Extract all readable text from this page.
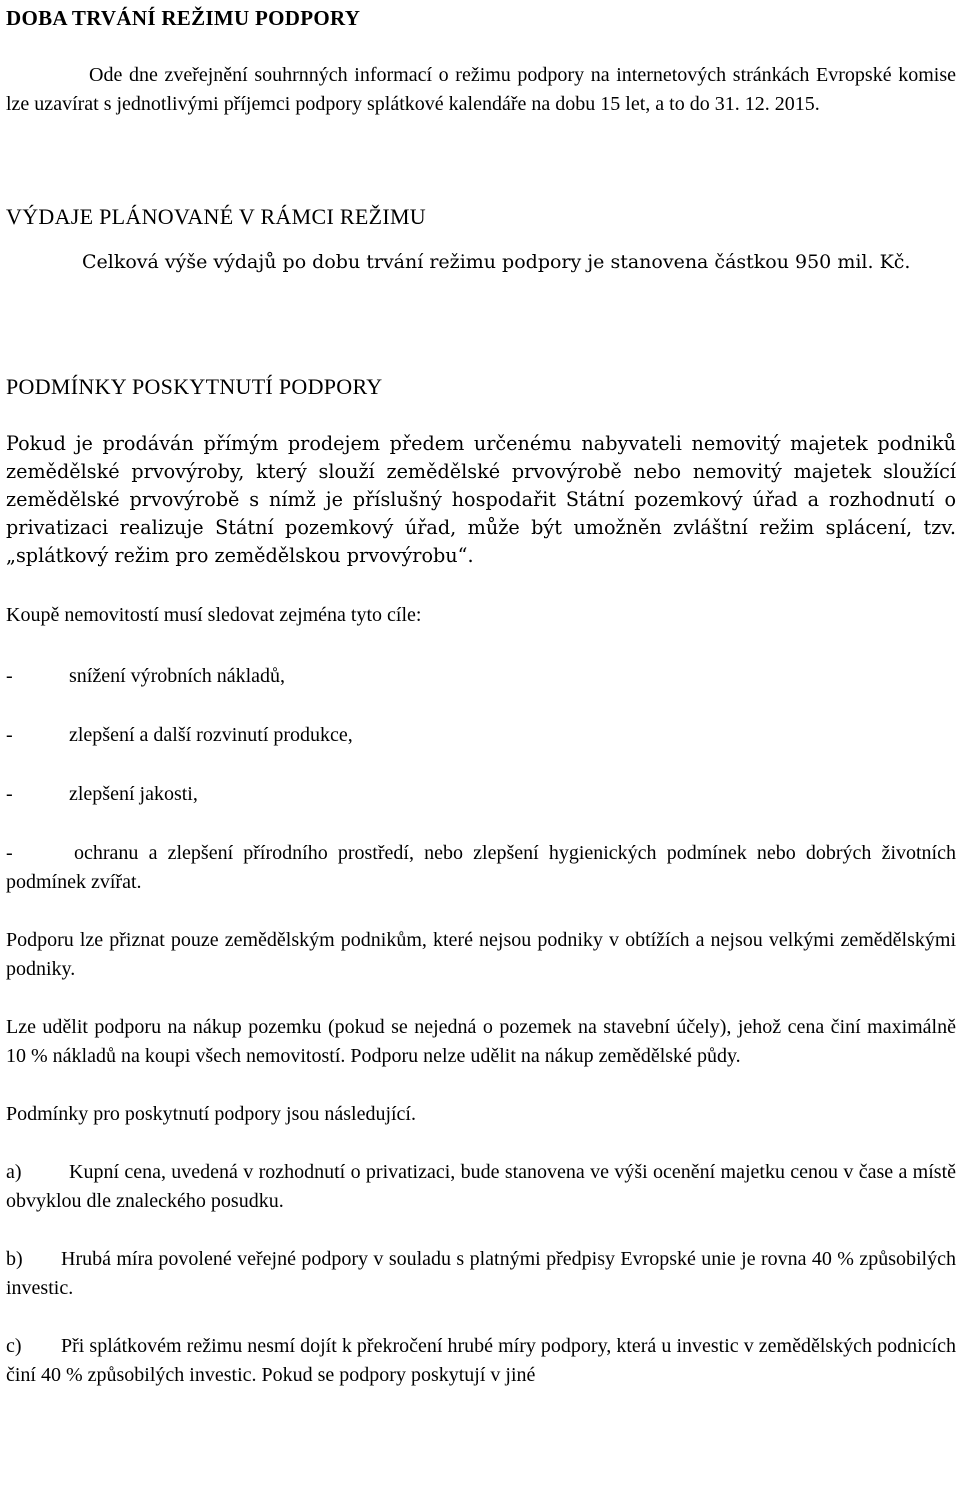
DOBA TRVÁNÍ REŽIMU PODPORY

Ode dne zveřejnění souhrnných informací o režimu podpory na internetových stránkách Evropské komise lze uzavírat s jednotlivými příjemci podpory splátkové kalendáře na dobu 15 let, a to do 31. 12. 2015.

VÝDAJE PLÁNOVANÉ V RÁMCI REŽIMU

Celková výše výdajů po dobu trvání režimu podpory je stanovena částkou 950 mil. Kč.

PODMÍNKY POSKYTNUTÍ PODPORY

Pokud je prodáván přímým prodejem předem určenému nabyvateli nemovitý majetek podniků zemědělské prvovýroby, který slouží zemědělské prvovýrobě nebo nemovitý majetek sloužící zemědělské prvovýrobě s nímž je příslušný hospodařit Státní pozemkový úřad a rozhodnutí o privatizaci realizuje Státní pozemkový úřad, může být umožněn zvláštní režim splácení, tzv. „splátkový režim pro zemědělskou prvovýrobu“.

Koupě nemovitostí musí sledovat zejména tyto cíle:

-	snížení výrobních nákladů,
-	zlepšení a další rozvinutí produkce,
-	zlepšení jakosti,

-	ochranu a zlepšení přírodního prostředí, nebo zlepšení hygienických podmínek nebo dobrých životních podmínek zvířat.

Podporu lze přiznat pouze zemědělským podnikům, které nejsou podniky v obtížích a nejsou velkými zemědělskými podniky.

Lze udělit podporu na nákup pozemku (pokud se nejedná o pozemek na stavební účely), jehož cena činí maximálně 10 % nákladů na koupi všech nemovitostí. Podporu nelze udělit na nákup zemědělské půdy.

Podmínky pro poskytnutí podpory jsou následující.

a) Kupní cena, uvedená v rozhodnutí o privatizaci, bude stanovena ve výši ocenění majetku cenou v čase a místě obvyklou dle znaleckého posudku.

b) Hrubá míra povolené veřejné podpory v souladu s platnými předpisy Evropské unie je rovna 40 % způsobilých investic.

c) Při splátkovém režimu nesmí dojít k překročení hrubé míry podpory, která u investic v zemědělských podnicích činí 40 % způsobilých investic. Pokud se podpory poskytují v jiné
